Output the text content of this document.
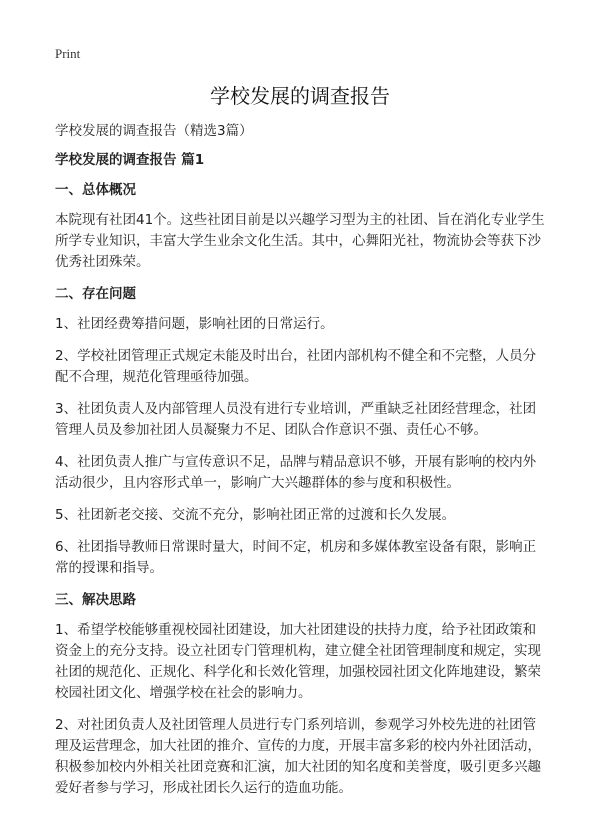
Print
学校发展的调查报告
学校发展的调查报告（精选3篇）
学校发展的调查报告 篇1
一、总体概况
本院现有社团41个。这些社团目前是以兴趣学习型为主的社团、旨在消化专业学生
所学专业知识，丰富大学生业余文化生活。其中，心舞阳光社，物流协会等获下沙
优秀社团殊荣。
二、存在问题
1、社团经费筹措问题，影响社团的日常运行。
2、学校社团管理正式规定未能及时出台，社团内部机构不健全和不完整，人员分
配不合理，规范化管理亟待加强。
3、社团负责人及内部管理人员没有进行专业培训，严重缺乏社团经营理念，社团
管理人员及参加社团人员凝聚力不足、团队合作意识不强、责任心不够。
4、社团负责人推广与宣传意识不足，品牌与精品意识不够，开展有影响的校内外
活动很少，且内容形式单一，影响广大兴趣群体的参与度和积极性。
5、社团新老交接、交流不充分，影响社团正常的过渡和长久发展。
6、社团指导教师日常课时量大，时间不定，机房和多媒体教室设备有限，影响正
常的授课和指导。
三、解决思路
1、希望学校能够重视校园社团建设，加大社团建设的扶持力度，给予社团政策和
资金上的充分支持。设立社团专门管理机构，建立健全社团管理制度和规定，实现
社团的规范化、正规化、科学化和长效化管理，加强校园社团文化阵地建设，繁荣
校园社团文化、增强学校在社会的影响力。
2、对社团负责人及社团管理人员进行专门系列培训，参观学习外校先进的社团管
理及运营理念，加大社团的推介、宣传的力度，开展丰富多彩的校内外社团活动，
积极参加校内外相关社团竞赛和汇演，加大社团的知名度和美誉度，吸引更多兴趣
爱好者参与学习，形成社团长久运行的造血功能。
